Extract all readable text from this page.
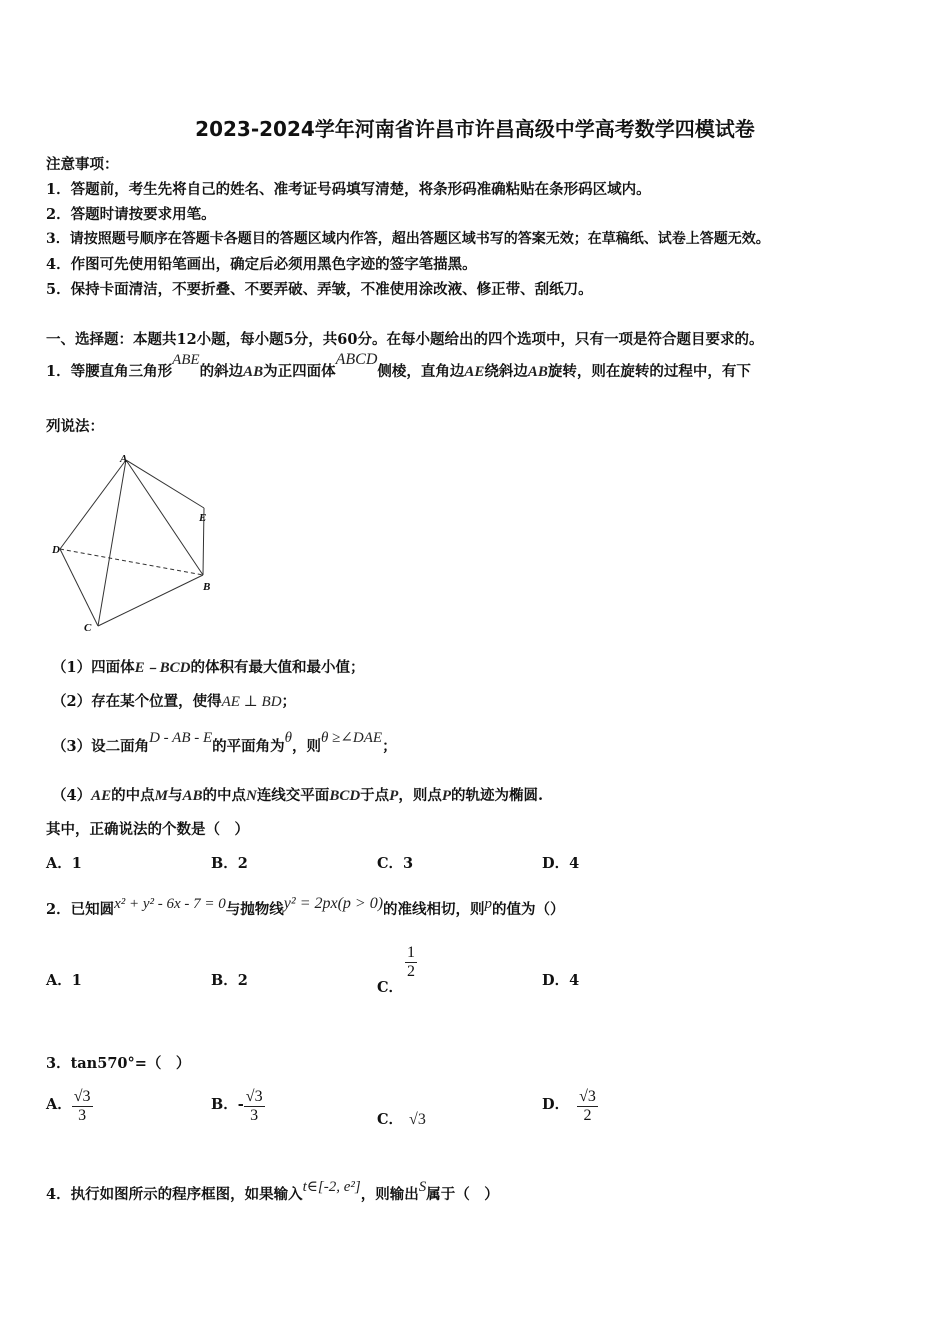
2023-2024学年河南省许昌市许昌高级中学高考数学四模试卷
注意事项：
1．答题前，考生先将自己的姓名、准考证号码填写清楚，将条形码准确粘贴在条形码区域内。
2．答题时请按要求用笔。
3．请按照题号顺序在答题卡各题目的答题区域内作答，超出答题区域书写的答案无效；在草稿纸、试卷上答题无效。
4．作图可先使用铅笔画出，确定后必须用黑色字迹的签字笔描黑。
5．保持卡面清洁，不要折叠、不要弄破、弄皱，不准使用涂改液、修正带、刮纸刀。
一、选择题：本题共12小题，每小题5分，共60分。在每小题给出的四个选项中，只有一项是符合题目要求的。
1．等腰直角三角形ABE的斜边AB为正四面体ABCD侧棱，直角边AE绕斜边AB旋转，则在旋转的过程中，有下
列说法：
A
E
D
B
C
（1）四面体E﹣BCD的体积有最大值和最小值；
（2）存在某个位置，使得AE ⊥ BD；
（3）设二面角D - AB - E的平面角为θ，则θ ≥∠DAE；
（4）AE的中点M与AB的中点N连线交平面BCD于点P，则点P的轨迹为椭圆.
其中，正确说法的个数是（　）
A．1	B．2	C．3	D．4
2．已知圆x² + y² - 6x - 7 = 0与抛物线y² = 2px(p > 0)的准线相切，则p的值为（）
A．1	B．2	C．
$\frac{1}{2}$	D．4
3．tan570°=（　）
A． $\frac{√3}{3}$	B．- $\frac{√3}{3}$	C． √3
D． $\frac{√3}{2}$
4．执行如图所示的程序框图，如果输入t∈[-2, e²]，则输出S属于（　）
